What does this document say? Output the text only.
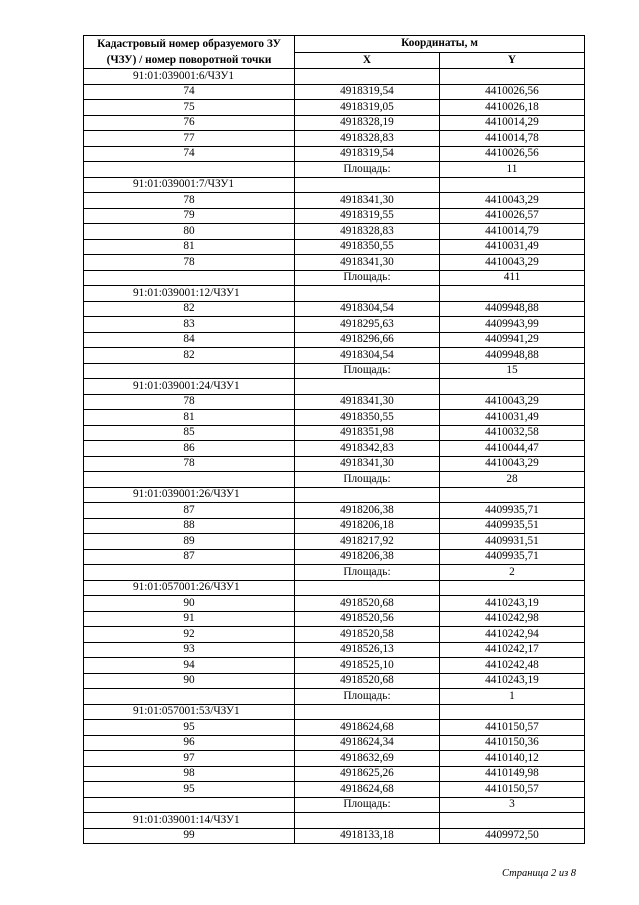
Кадастровый номер образуемого ЗУ
(ЧЗУ) / номер поворотной точки	Координаты, м	
	X	Y
91:01:039001:6/ЧЗУ1		
74	4918319,54	4410026,56
75	4918319,05	4410026,18
76	4918328,19	4410014,29
77	4918328,83	4410014,78
74	4918319,54	4410026,56
	Площадь:	11
91:01:039001:7/ЧЗУ1		
78	4918341,30	4410043,29
79	4918319,55	4410026,57
80	4918328,83	4410014,79
81	4918350,55	4410031,49
78	4918341,30	4410043,29
	Площадь:	411
91:01:039001:12/ЧЗУ1		
82	4918304,54	4409948,88
83	4918295,63	4409943,99
84	4918296,66	4409941,29
82	4918304,54	4409948,88
	Площадь:	15
91:01:039001:24/ЧЗУ1		
78	4918341,30	4410043,29
81	4918350,55	4410031,49
85	4918351,98	4410032,58
86	4918342,83	4410044,47
78	4918341,30	4410043,29
	Площадь:	28
91:01:039001:26/ЧЗУ1		
87	4918206,38	4409935,71
88	4918206,18	4409935,51
89	4918217,92	4409931,51
87	4918206,38	4409935,71
	Площадь:	2
91:01:057001:26/ЧЗУ1		
90	4918520,68	4410243,19
91	4918520,56	4410242,98
92	4918520,58	4410242,94
93	4918526,13	4410242,17
94	4918525,10	4410242,48
90	4918520,68	4410243,19
	Площадь:	1
91:01:057001:53/ЧЗУ1		
95	4918624,68	4410150,57
96	4918624,34	4410150,36
97	4918632,69	4410140,12
98	4918625,26	4410149,98
95	4918624,68	4410150,57
	Площадь:	3
91:01:039001:14/ЧЗУ1		
99	4918133,18	4409972,50
Страница 2 из 8
